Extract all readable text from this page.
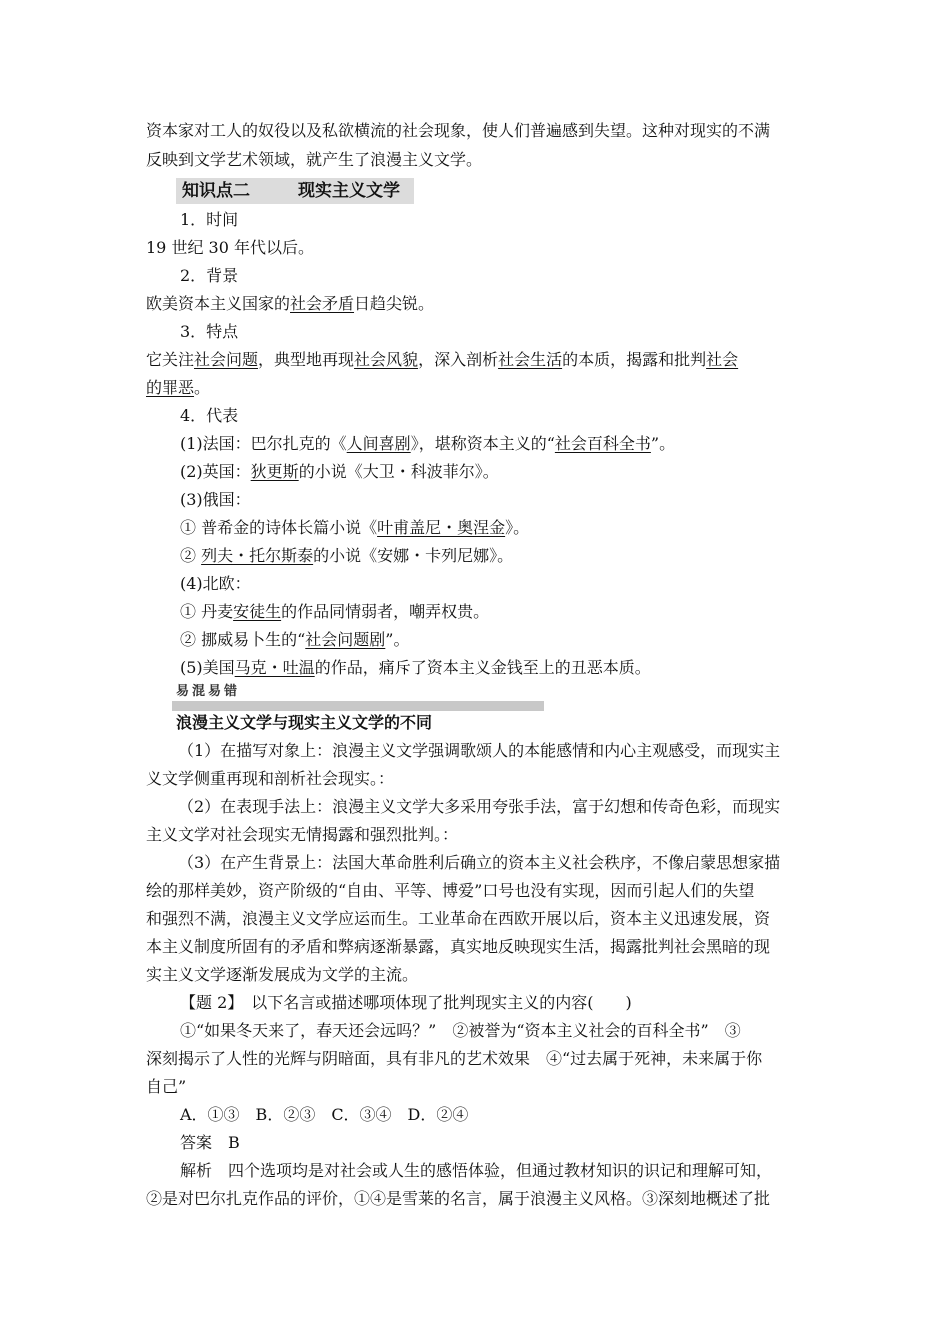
资本家对工人的奴役以及私欲横流的社会现象，使人们普遍感到失望。这种对现实的不满
反映到文学艺术领域，就产生了浪漫主义文学。
知识点二	现实主义文学
1．时间
19 世纪 30 年代以后。
2．背景
欧美资本主义国家的社会矛盾日趋尖锐。
3．特点
它关注社会问题，典型地再现社会风貌，深入剖析社会生活的本质，揭露和批判社会
的罪恶。
4．代表
(1)法国：巴尔扎克的《人间喜剧》，堪称资本主义的“社会百科全书”。
(2)英国：狄更斯的小说《大卫・科波菲尔》。
(3)俄国：
① 普希金的诗体长篇小说《叶甫盖尼・奥涅金》。
② 列夫・托尔斯泰的小说《安娜・卡列尼娜》。
(4)北欧：
① 丹麦安徒生的作品同情弱者，嘲弄权贵。
② 挪威易卜生的“社会问题剧”。
(5)美国马克・吐温的作品，痛斥了资本主义金钱至上的丑恶本质。
易混易错
浪漫主义文学与现实主义文学的不同
（1）在描写对象上：浪漫主义文学强调歌颂人的本能感情和内心主观感受，而现实主
义文学侧重再现和剖析社会现实。：
（2）在表现手法上：浪漫主义文学大多采用夸张手法，富于幻想和传奇色彩，而现实
主义文学对社会现实无情揭露和强烈批判。：
（3）在产生背景上：法国大革命胜利后确立的资本主义社会秩序，不像启蒙思想家描
绘的那样美妙，资产阶级的“自由、平等、博爱”口号也没有实现，因而引起人们的失望
和强烈不满，浪漫主义文学应运而生。工业革命在西欧开展以后，资本主义迅速发展，资
本主义制度所固有的矛盾和弊病逐渐暴露，真实地反映现实生活，揭露批判社会黑暗的现
实主义文学逐渐发展成为文学的主流。
【题 2】　以下名言或描述哪项体现了批判现实主义的内容(　　)
①“如果冬天来了，春天还会远吗？”　②被誉为“资本主义社会的百科全书”　③
深刻揭示了人性的光辉与阴暗面，具有非凡的艺术效果　④“过去属于死神，未来属于你
自己”
A．①③　B．②③　C．③④　D．②④
答案　B
解析　四个选项均是对社会或人生的感悟体验，但通过教材知识的识记和理解可知，
②是对巴尔扎克作品的评价，①④是雪莱的名言，属于浪漫主义风格。③深刻地概述了批
